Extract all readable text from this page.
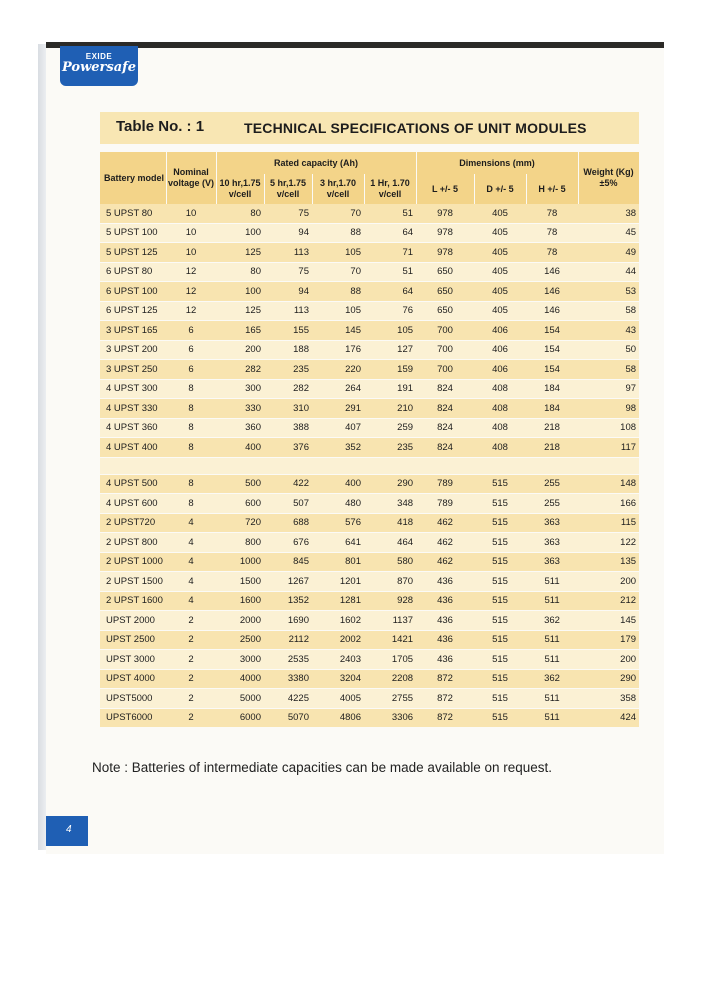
EXIDE
Powersafe
Table No. : 1	TECHNICAL SPECIFICATIONS OF UNIT MODULES
Battery model	Nominal voltage (V)	Rated capacity (Ah)				Dimensions (mm)			Weight (Kg)±5%
		10 hr,1.75 v/cell	5 hr,1.75 v/cell	3 hr,1.70 v/cell	1 Hr, 1.70 v/cell	L +/- 5	D +/- 5	H +/- 5	
5 UPST 80	10	80	75	70	51	978	405	78	38
5 UPST 100	10	100	94	88	64	978	405	78	45
5 UPST 125	10	125	113	105	71	978	405	78	49
6 UPST 80	12	80	75	70	51	650	405	146	44
6 UPST 100	12	100	94	88	64	650	405	146	53
6 UPST 125	12	125	113	105	76	650	405	146	58
3 UPST 165	6	165	155	145	105	700	406	154	43
3 UPST 200	6	200	188	176	127	700	406	154	50
3 UPST 250	6	282	235	220	159	700	406	154	58
4 UPST 300	8	300	282	264	191	824	408	184	97
4 UPST 330	8	330	310	291	210	824	408	184	98
4 UPST 360	8	360	388	407	259	824	408	218	108
4 UPST 400	8	400	376	352	235	824	408	218	117

4 UPST 500	8	500	422	400	290	789	515	255	148
4 UPST 600	8	600	507	480	348	789	515	255	166
2 UPST720	4	720	688	576	418	462	515	363	115
2 UPST 800	4	800	676	641	464	462	515	363	122
2 UPST 1000	4	1000	845	801	580	462	515	363	135
2 UPST 1500	4	1500	1267	1201	870	436	515	511	200
2 UPST 1600	4	1600	1352	1281	928	436	515	511	212
UPST 2000	2	2000	1690	1602	1137	436	515	362	145
UPST 2500	2	2500	2112	2002	1421	436	515	511	179
UPST 3000	2	3000	2535	2403	1705	436	515	511	200
UPST 4000	2	4000	3380	3204	2208	872	515	362	290
UPST5000	2	5000	4225	4005	2755	872	515	511	358
UPST6000	2	6000	5070	4806	3306	872	515	511	424
Note : Batteries of intermediate capacities can be made available on request.
4
